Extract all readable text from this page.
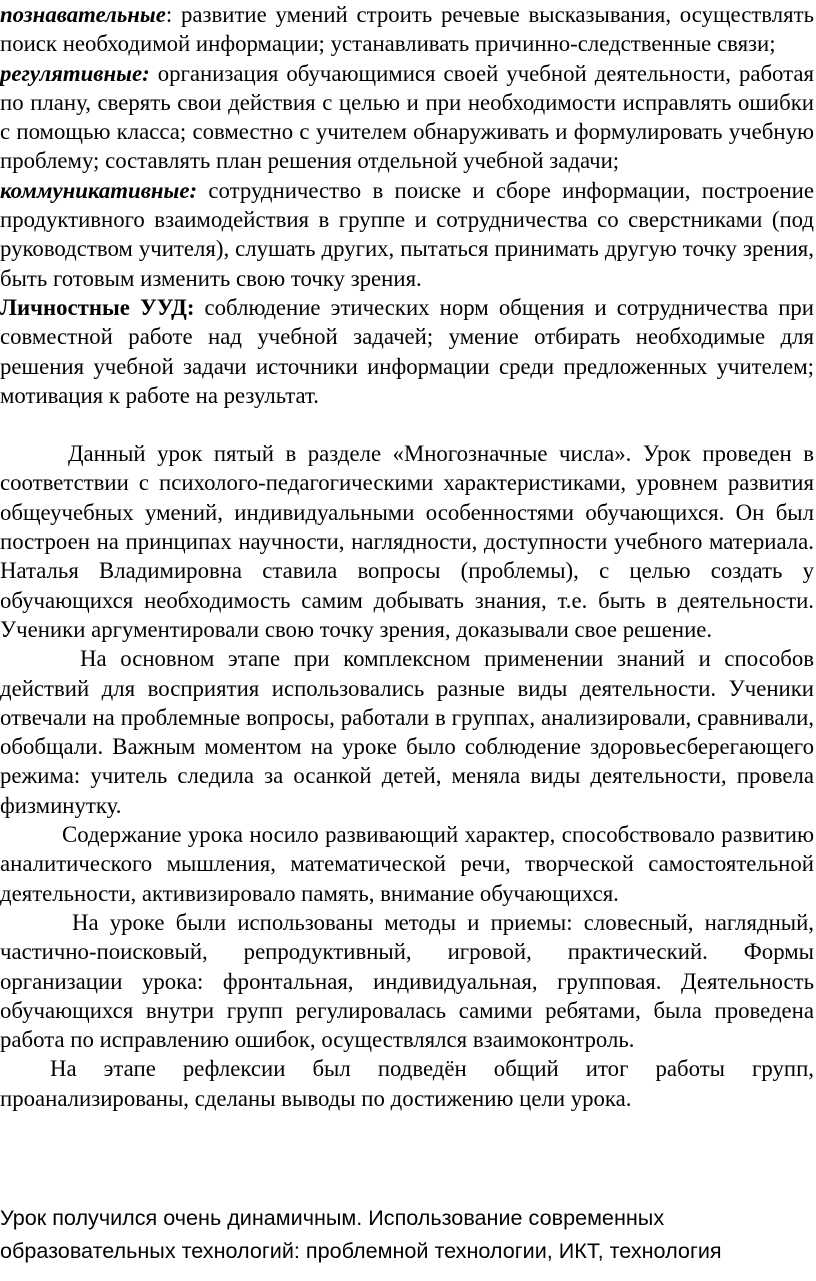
познавательные: развитие умений строить речевые высказывания, осуществлять поиск необходимой информации; устанавливать причинно-следственные связи;

регулятивные: организация обучающимися своей учебной деятельности, работая по плану, сверять свои действия с целью и при необходимости исправлять ошибки с помощью класса; совместно с учителем обнаруживать и формулировать учебную проблему; составлять план решения отдельной учебной задачи;

коммуникативные: сотрудничество в поиске и сборе информации, построение продуктивного взаимодействия в группе и сотрудничества со сверстниками (под руководством учителя), слушать других, пытаться принимать другую точку зрения, быть готовым изменить свою точку зрения.

Личностные УУД: соблюдение этических норм общения и сотрудничества при совместной работе над учебной задачей; умение отбирать необходимые для решения учебной задачи источники информации среди предложенных учителем; мотивация к работе на результат.

Данный урок пятый в разделе «Многозначные числа». Урок проведен в соответствии с психолого-педагогическими характеристиками, уровнем развития общеучебных умений, индивидуальными особенностями обучающихся. Он был построен на принципах научности, наглядности, доступности учебного материала. Наталья Владимировна ставила вопросы (проблемы), с целью создать у обучающихся необходимость самим добывать знания, т.е. быть в деятельности. Ученики аргументировали свою точку зрения, доказывали свое решение.

На основном этапе при комплексном применении знаний и способов действий для восприятия использовались разные виды деятельности. Ученики отвечали на проблемные вопросы, работали в группах, анализировали, сравнивали, обобщали. Важным моментом на уроке было соблюдение здоровьесберегающего режима: учитель следила за осанкой детей, меняла виды деятельности, провела физминутку.

Содержание урока носило развивающий характер, способствовало развитию аналитического мышления, математической речи, творческой самостоятельной деятельности, активизировало память, внимание обучающихся.

На уроке были использованы методы и приемы: словесный, наглядный, частично-поисковый, репродуктивный, игровой, практический. Формы организации урока: фронтальная, индивидуальная, групповая. Деятельность обучающихся внутри групп регулировалась самими ребятами, была проведена работа по исправлению ошибок, осуществлялся взаимоконтроль.

На этапе рефлексии был подведён общий итог работы групп, проанализированы, сделаны выводы по достижению цели урока.

Урок получился очень динамичным. Использование современных образовательных технологий: проблемной технологии, ИКТ, технология
